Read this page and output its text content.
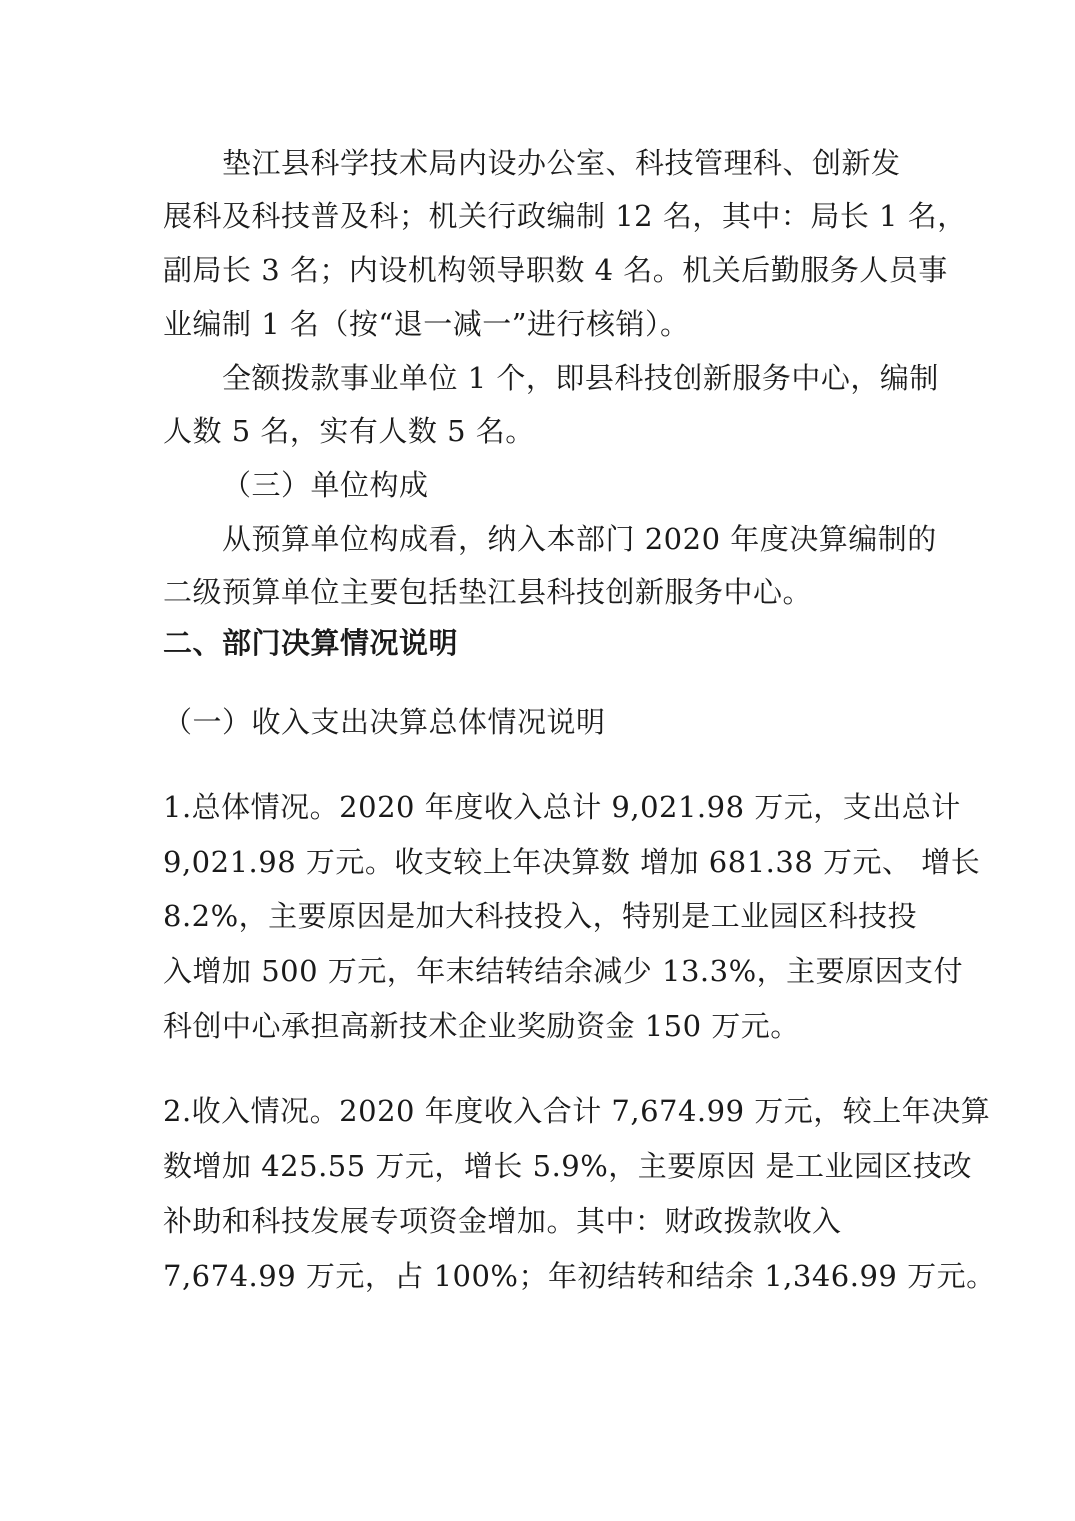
垫江县科学技术局内设办公室、科技管理科、创新发
展科及科技普及科；机关行政编制 12 名，其中：局长 1 名，
副局长 3 名；内设机构领导职数 4 名。机关后勤服务人员事
业编制 1 名（按“退一减一”进行核销）。
全额拨款事业单位 1 个，即县科技创新服务中心，编制
人数 5 名，实有人数 5 名。
（三）单位构成
从预算单位构成看，纳入本部门 2020 年度决算编制的
二级预算单位主要包括垫江县科技创新服务中心。
二、部门决算情况说明
（一）收入支出决算总体情况说明
1.总体情况。2020 年度收入总计 9,021.98 万元，支出总计
9,021.98 万元。收支较上年决算数 增加 681.38 万元、 增长
8.2%，主要原因是加大科技投入，特别是工业园区科技投
入增加 500 万元，年末结转结余减少 13.3%，主要原因支付
科创中心承担高新技术企业奖励资金 150 万元。
2.收入情况。2020 年度收入合计 7,674.99 万元，较上年决算
数增加 425.55 万元，增长 5.9%，主要原因 是工业园区技改
补助和科技发展专项资金增加。其中：财政拨款收入
7,674.99 万元，占 100%；年初结转和结余 1,346.99 万元。
